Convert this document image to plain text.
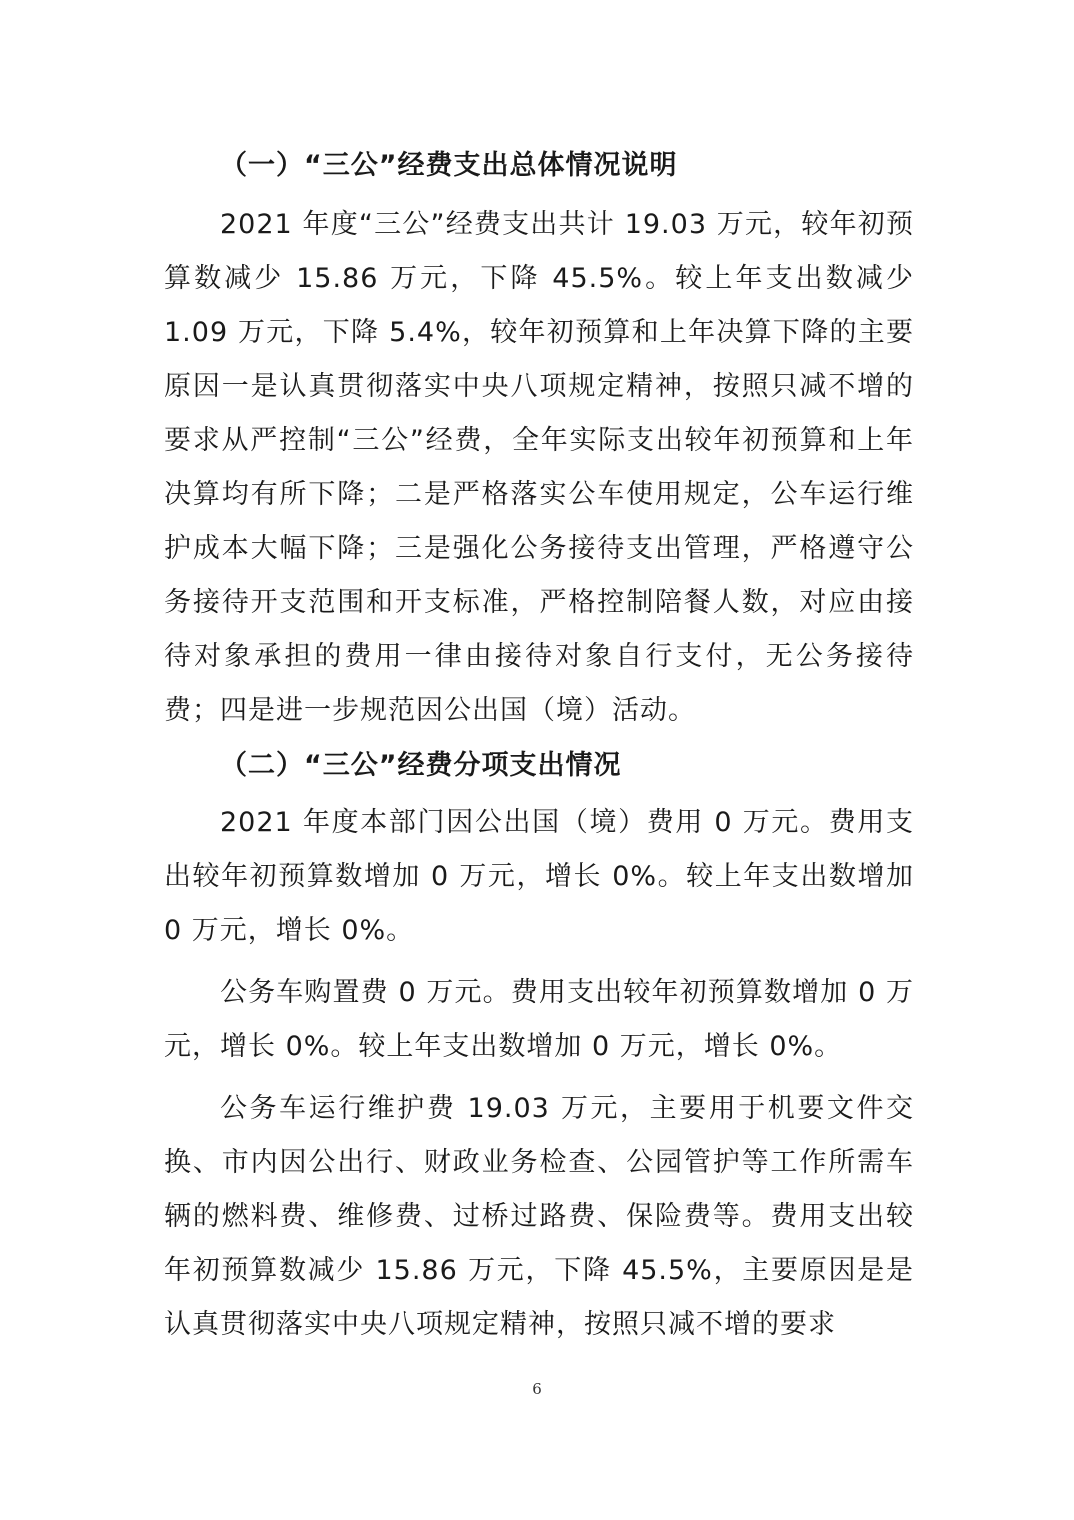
（一）“三公”经费支出总体情况说明

2021 年度“三公”经费支出共计 19.03 万元，较年初预算数减少 15.86 万元，下降 45.5%。较上年支出数减少 1.09 万元，下降 5.4%，较年初预算和上年决算下降的主要原因一是认真贯彻落实中央八项规定精神，按照只减不增的要求从严控制“三公”经费，全年实际支出较年初预算和上年决算均有所下降；二是严格落实公车使用规定，公车运行维护成本大幅下降；三是强化公务接待支出管理，严格遵守公务接待开支范围和开支标准，严格控制陪餐人数，对应由接待对象承担的费用一律由接待对象自行支付，无公务接待费；四是进一步规范因公出国（境）活动。

（二）“三公”经费分项支出情况

2021 年度本部门因公出国（境）费用 0 万元。费用支出较年初预算数增加 0 万元，增长 0%。较上年支出数增加 0 万元，增长 0%。

公务车购置费 0 万元。费用支出较年初预算数增加 0 万元，增长 0%。较上年支出数增加 0 万元，增长 0%。

公务车运行维护费 19.03 万元，主要用于机要文件交换、市内因公出行、财政业务检查、公园管护等工作所需车辆的燃料费、维修费、过桥过路费、保险费等。费用支出较年初预算数减少 15.86 万元，下降 45.5%，主要原因是是认真贯彻落实中央八项规定精神，按照只减不增的要求

6
